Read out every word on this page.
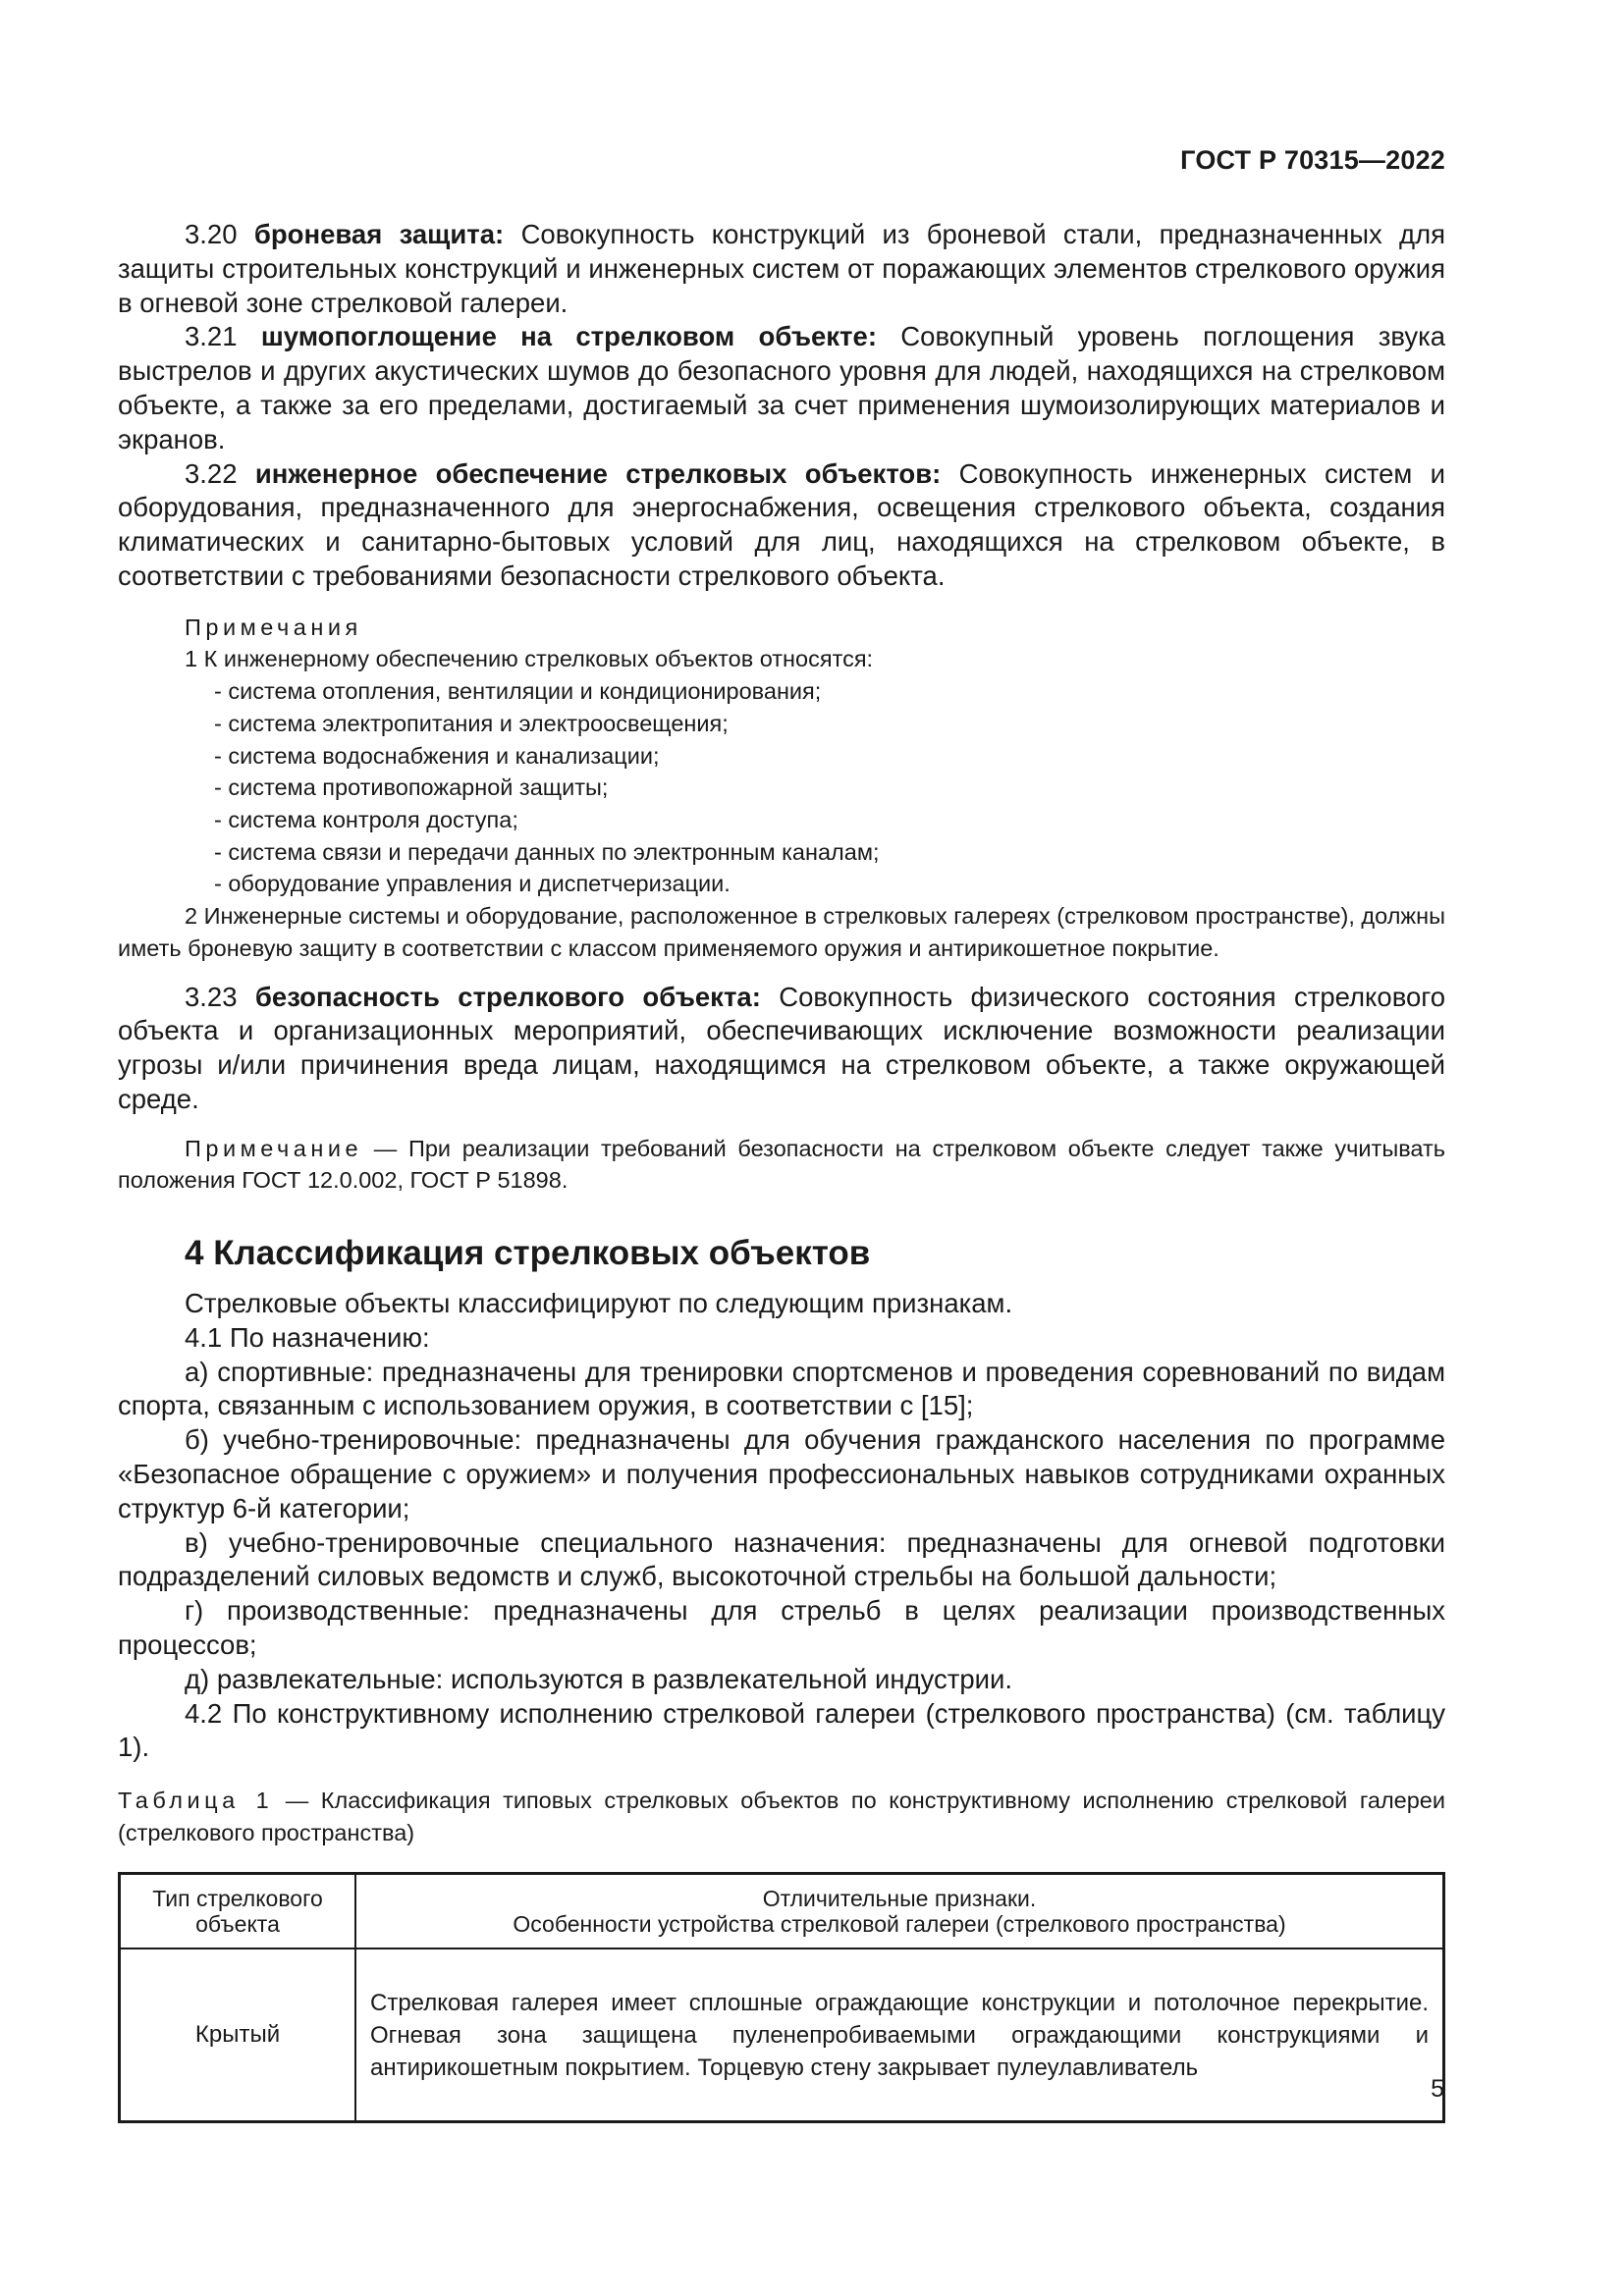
ГОСТ Р 70315—2022

3.20 броневая защита: Совокупность конструкций из броневой стали, предназначенных для защиты строительных конструкций и инженерных систем от поражающих элементов стрелкового оружия в огневой зоне стрелковой галереи.

3.21 шумопоглощение на стрелковом объекте: Совокупный уровень поглощения звука выстрелов и других акустических шумов до безопасного уровня для людей, находящихся на стрелковом объекте, а также за его пределами, достигаемый за счет применения шумоизолирующих материалов и экранов.

3.22 инженерное обеспечение стрелковых объектов: Совокупность инженерных систем и оборудования, предназначенного для энергоснабжения, освещения стрелкового объекта, создания климатических и санитарно-бытовых условий для лиц, находящихся на стрелковом объекте, в соответствии с требованиями безопасности стрелкового объекта.

Примечания

1 К инженерному обеспечению стрелковых объектов относятся:

- система отопления, вентиляции и кондиционирования;

- система электропитания и электроосвещения;

- система водоснабжения и канализации;

- система противопожарной защиты;

- система контроля доступа;

- система связи и передачи данных по электронным каналам;

- оборудование управления и диспетчеризации.

2 Инженерные системы и оборудование, расположенное в стрелковых галереях (стрелковом пространстве), должны иметь броневую защиту в соответствии с классом применяемого оружия и антирикошетное покрытие.

3.23 безопасность стрелкового объекта: Совокупность физического состояния стрелкового объекта и организационных мероприятий, обеспечивающих исключение возможности реализации угрозы и/или причинения вреда лицам, находящимся на стрелковом объекте, а также окружающей среде.

Примечание — При реализации требований безопасности на стрелковом объекте следует также учитывать положения ГОСТ 12.0.002, ГОСТ Р 51898.

4 Классификация стрелковых объектов

Стрелковые объекты классифицируют по следующим признакам.

4.1 По назначению:

а) спортивные: предназначены для тренировки спортсменов и проведения соревнований по видам спорта, связанным с использованием оружия, в соответствии с [15];

б) учебно-тренировочные: предназначены для обучения гражданского населения по программе «Безопасное обращение с оружием» и получения профессиональных навыков сотрудниками охранных структур 6-й категории;

в) учебно-тренировочные специального назначения: предназначены для огневой подготовки подразделений силовых ведомств и служб, высокоточной стрельбы на большой дальности;

г) производственные: предназначены для стрельб в целях реализации производственных процессов;

д) развлекательные: используются в развлекательной индустрии.

4.2 По конструктивному исполнению стрелковой галереи (стрелкового пространства) (см. таблицу 1).

Таблица 1 — Классификация типовых стрелковых объектов по конструктивному исполнению стрелковой галереи (стрелкового пространства)

Тип стрелкового
объекта	Отличительные признаки.
Особенности устройства стрелковой галереи (стрелкового пространства)

Крытый	Стрелковая галерея имеет сплошные ограждающие конструкции и потолочное перекрытие. Огневая зона защищена пуленепробиваемыми ограждающими конструкциями и антирикошетным покрытием. Торцевую стену закрывает пулеулавливатель
5
